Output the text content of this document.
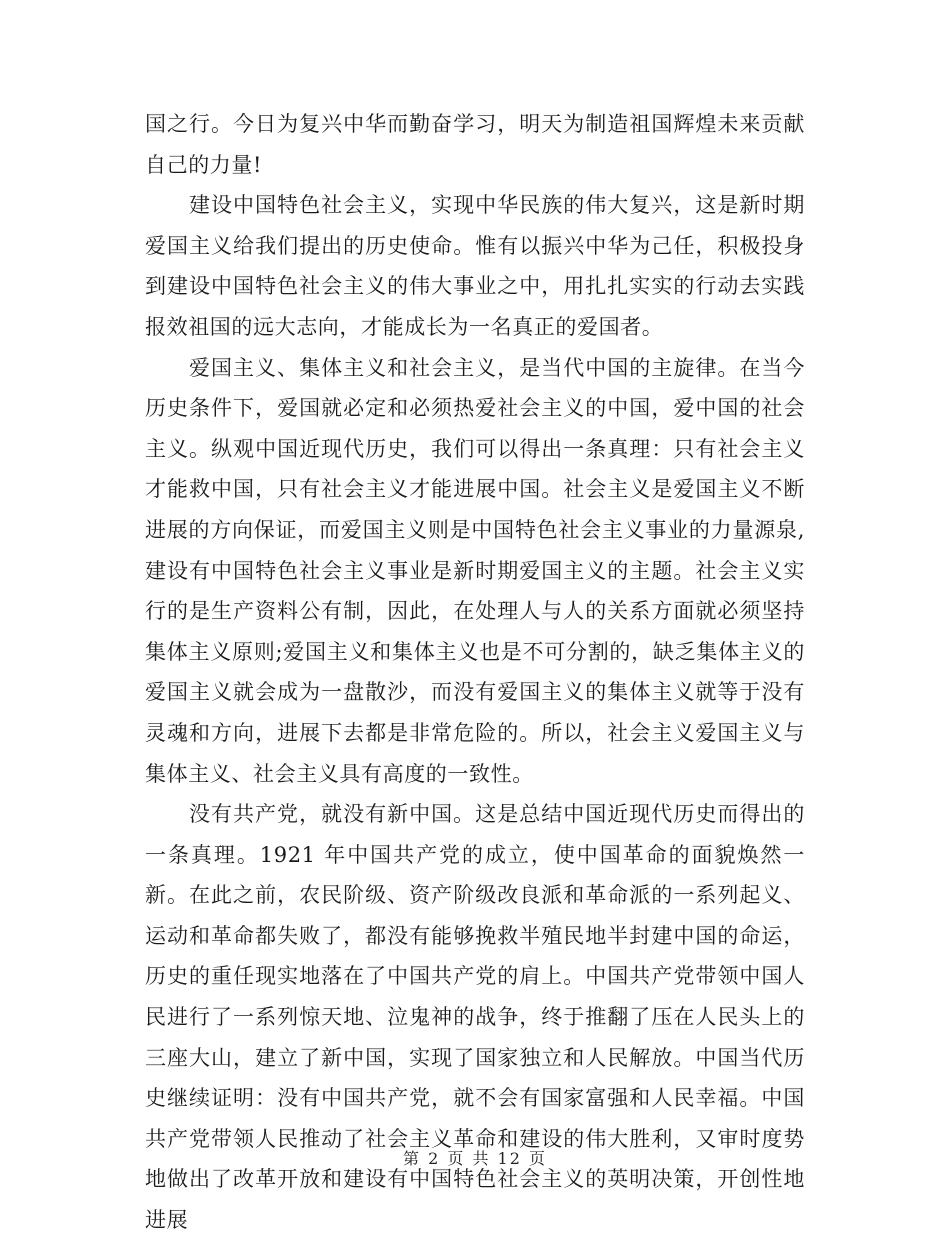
国之行。今日为复兴中华而勤奋学习，明天为制造祖国辉煌未来贡献自己的力量!

建设中国特色社会主义，实现中华民族的伟大复兴，这是新时期爱国主义给我们提出的历史使命。惟有以振兴中华为己任，积极投身到建设中国特色社会主义的伟大事业之中，用扎扎实实的行动去实践报效祖国的远大志向，才能成长为一名真正的爱国者。

爱国主义、集体主义和社会主义，是当代中国的主旋律。在当今历史条件下，爱国就必定和必须热爱社会主义的中国，爱中国的社会主义。纵观中国近现代历史，我们可以得出一条真理：只有社会主义才能救中国，只有社会主义才能进展中国。社会主义是爱国主义不断进展的方向保证，而爱国主义则是中国特色社会主义事业的力量源泉,建设有中国特色社会主义事业是新时期爱国主义的主题。社会主义实行的是生产资料公有制，因此，在处理人与人的关系方面就必须坚持集体主义原则;爱国主义和集体主义也是不可分割的，缺乏集体主义的爱国主义就会成为一盘散沙，而没有爱国主义的集体主义就等于没有灵魂和方向，进展下去都是非常危险的。所以，社会主义爱国主义与集体主义、社会主义具有高度的一致性。

没有共产党，就没有新中国。这是总结中国近现代历史而得出的一条真理。1921 年中国共产党的成立，使中国革命的面貌焕然一新。在此之前，农民阶级、资产阶级改良派和革命派的一系列起义、运动和革命都失败了，都没有能够挽救半殖民地半封建中国的命运，历史的重任现实地落在了中国共产党的肩上。中国共产党带领中国人民进行了一系列惊天地、泣鬼神的战争，终于推翻了压在人民头上的三座大山，建立了新中国，实现了国家独立和人民解放。中国当代历史继续证明：没有中国共产党，就不会有国家富强和人民幸福。中国共产党带领人民推动了社会主义革命和建设的伟大胜利，又审时度势地做出了改革开放和建设有中国特色社会主义的英明决策，开创性地进展

第 2 页 共 12 页
